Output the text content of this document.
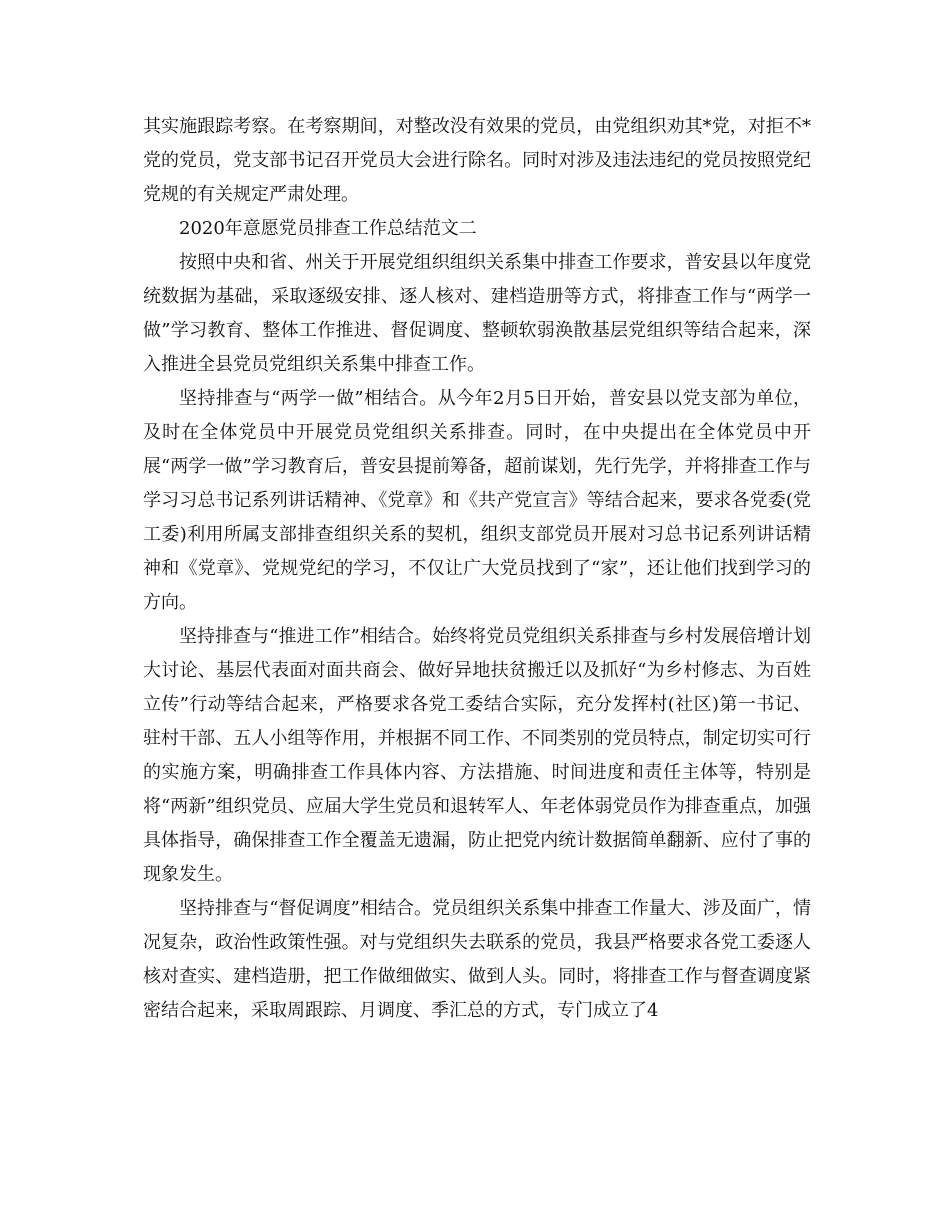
其实施跟踪考察。在考察期间，对整改没有效果的党员，由党组织劝其*党，对拒不*党的党员，党支部书记召开党员大会进行除名。同时对涉及违法违纪的党员按照党纪党规的有关规定严肃处理。

2020年意愿党员排查工作总结范文二

按照中央和省、州关于开展党组织组织关系集中排查工作要求，普安县以年度党统数据为基础，采取逐级安排、逐人核对、建档造册等方式，将排查工作与“两学一做”学习教育、整体工作推进、督促调度、整顿软弱涣散基层党组织等结合起来，深入推进全县党员党组织关系集中排查工作。

坚持排查与“两学一做”相结合。从今年2月5日开始，普安县以党支部为单位，及时在全体党员中开展党员党组织关系排查。同时，在中央提出在全体党员中开展“两学一做”学习教育后，普安县提前筹备，超前谋划，先行先学，并将排查工作与学习习总书记系列讲话精神、《党章》和《共产党宣言》等结合起来，要求各党委(党工委)利用所属支部排查组织关系的契机，组织支部党员开展对习总书记系列讲话精神和《党章》、党规党纪的学习，不仅让广大党员找到了“家”，还让他们找到学习的方向。

坚持排查与“推进工作”相结合。始终将党员党组织关系排查与乡村发展倍增计划大讨论、基层代表面对面共商会、做好异地扶贫搬迁以及抓好“为乡村修志、为百姓立传”行动等结合起来，严格要求各党工委结合实际，充分发挥村(社区)第一书记、驻村干部、五人小组等作用，并根据不同工作、不同类别的党员特点，制定切实可行的实施方案，明确排查工作具体内容、方法措施、时间进度和责任主体等，特别是将“两新”组织党员、应届大学生党员和退转军人、年老体弱党员作为排查重点，加强具体指导，确保排查工作全覆盖无遗漏，防止把党内统计数据简单翻新、应付了事的现象发生。

坚持排查与“督促调度”相结合。党员组织关系集中排查工作量大、涉及面广，情况复杂，政治性政策性强。对与党组织失去联系的党员，我县严格要求各党工委逐人核对查实、建档造册，把工作做细做实、做到人头。同时，将排查工作与督查调度紧密结合起来，采取周跟踪、月调度、季汇总的方式，专门成立了4
